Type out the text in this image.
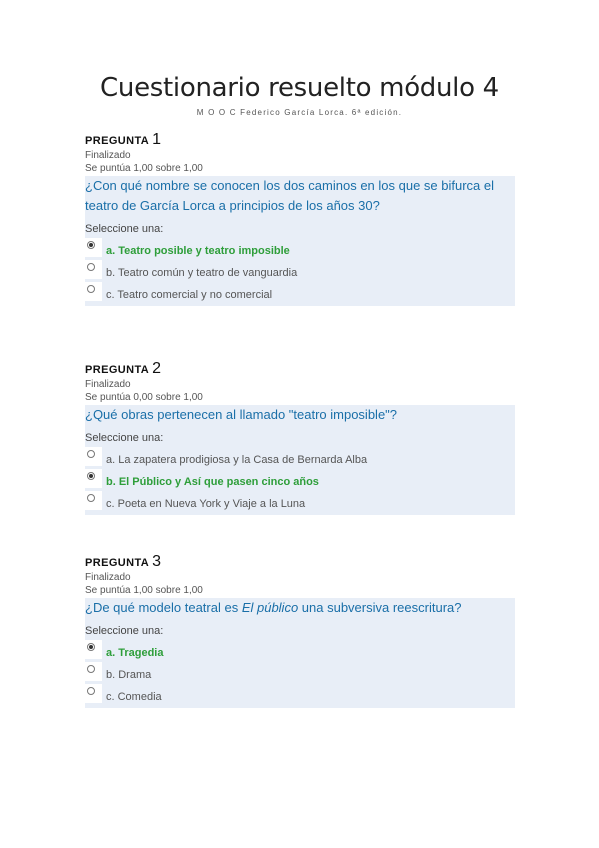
Cuestionario resuelto módulo 4
M O O C Federico García Lorca. 6ª edición.
PREGUNTA 1
Finalizado
Se puntúa 1,00 sobre 1,00
¿Con qué nombre se conocen los dos caminos en los que se bifurca el teatro de García Lorca a principios de los años 30?
Seleccione una:
a. Teatro posible y teatro imposible
b. Teatro común y teatro de vanguardia
c. Teatro comercial y no comercial
PREGUNTA 2
Finalizado
Se puntúa 0,00 sobre 1,00
¿Qué obras pertenecen al llamado "teatro imposible"?
Seleccione una:
a. La zapatera prodigiosa y la Casa de Bernarda Alba
b. El Público y Así que pasen cinco años
c. Poeta en Nueva York y Viaje a la Luna
PREGUNTA 3
Finalizado
Se puntúa 1,00 sobre 1,00
¿De qué modelo teatral es El público una subversiva reescritura?
Seleccione una:
a. Tragedia
b. Drama
c. Comedia
